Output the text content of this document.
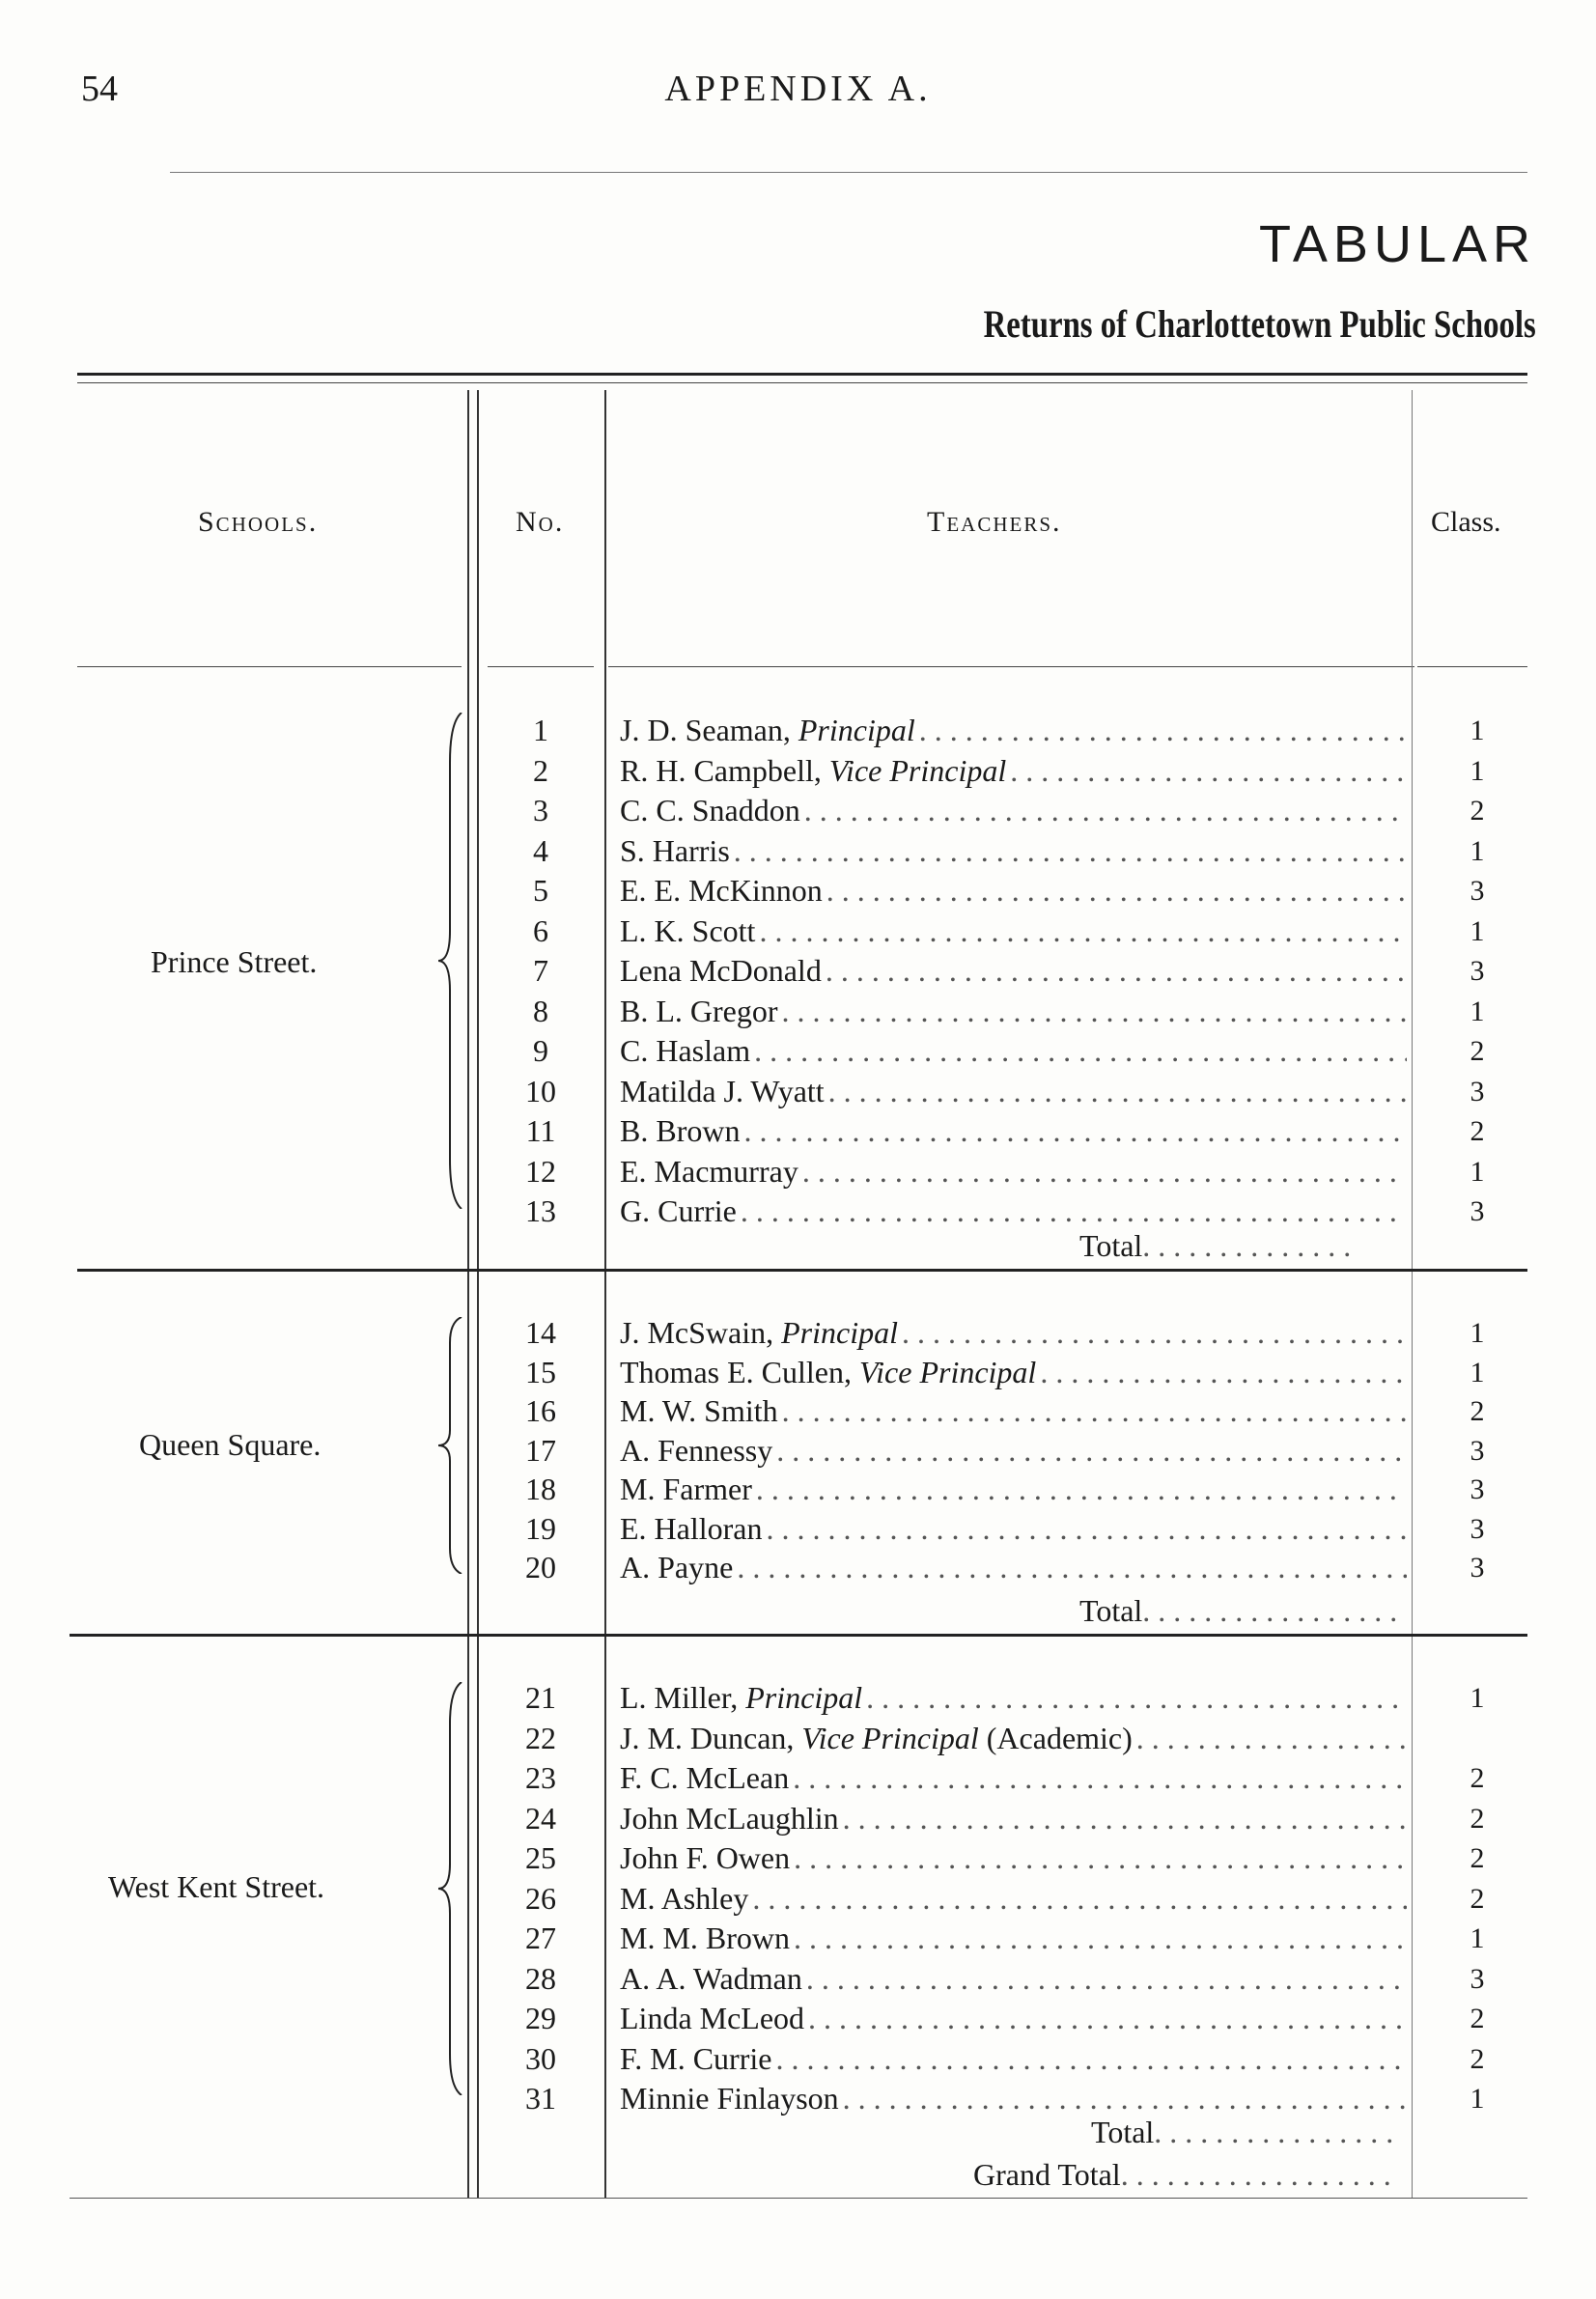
54	APPENDIX A.
TABULAR
Returns of Charlottetown Public Schools
Schools.	No.	Teachers.	Class.
Prince Street.
1	J. D. Seaman, Principal . . .	1
2	R. H. Campbell, Vice Principal . . .	1
3	C. C. Snaddon . . .	2
4	S. Harris . . .	1
5	E. E. McKinnon . . .	3
6	L. K. Scott . . .	1
7	Lena McDonald . . .	3
8	B. L. Gregor . . .	1
9	C. Haslam . . .	2
10	Matilda J. Wyatt . . .	3
11	B. Brown . . .	2
12	E. Macmurray . . .	1
13	G. Currie . . .	3
Total
. . .
Queen Square.
14	J. McSwain, Principal . . .	1
15	Thomas E. Cullen, Vice Principal . . .	1
16	M. W. Smith . . .	2
17	A. Fennessy . . .	3
18	M. Farmer . . .	3
19	E. Halloran . . .	3
20	A. Payne . . .	3
Total
. . .
West Kent Street.
21	L. Miller, Principal . . .	1
22	J. M. Duncan, Vice Principal (Academic)
. . .
23	F. C. McLean . . .	2
24	John McLaughlin . . .	2
25	John F. Owen . . .	2
26	M. Ashley . . .	2
27	M. M. Brown . . .	1
28	A. A. Wadman . . .	3
29	Linda McLeod . . .	2
30	F. M. Currie . . .	2
31	Minnie Finlayson . . .	1
Total
. . .
Grand Total
. . .
